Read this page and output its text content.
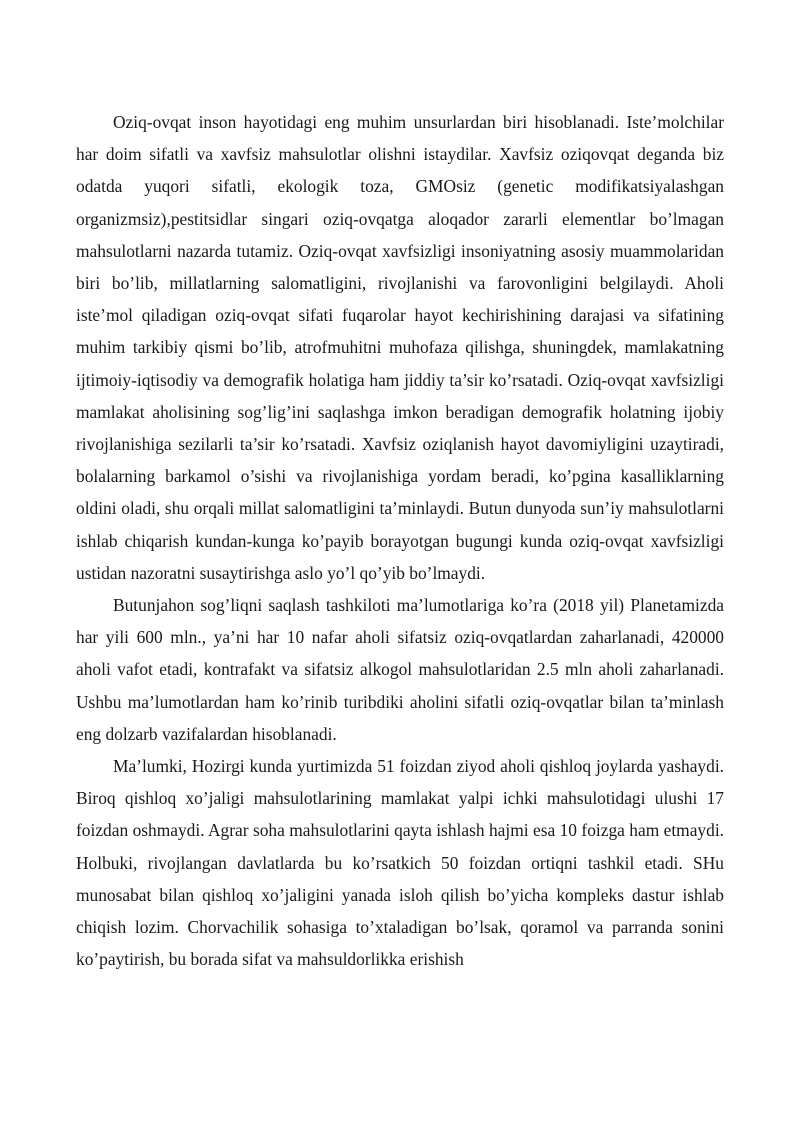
Oziq-ovqat inson hayotidagi eng muhim unsurlardan biri hisoblanadi. Iste’molchilar har doim sifatli va xavfsiz mahsulotlar olishni istaydilar. Xavfsiz oziqovqat deganda biz odatda yuqori sifatli, ekologik toza, GMOsiz (genetic modifikatsiyalashgan organizmsiz),pestitsidlar singari oziq-ovqatga aloqador zararli elementlar bo’lmagan mahsulotlarni nazarda tutamiz. Oziq-ovqat xavfsizligi insoniyatning asosiy muammolaridan biri bo’lib, millatlarning salomatligini, rivojlanishi va farovonligini belgilaydi. Aholi iste’mol qiladigan oziq-ovqat sifati fuqarolar hayot kechirishining darajasi va sifatining muhim tarkibiy qismi bo’lib, atrofmuhitni muhofaza qilishga, shuningdek, mamlakatning ijtimoiy-iqtisodiy va demografik holatiga ham jiddiy ta’sir ko’rsatadi. Oziq-ovqat xavfsizligi mamlakat aholisining sog’lig’ini saqlashga imkon beradigan demografik holatning ijobiy rivojlanishiga sezilarli ta’sir ko’rsatadi. Xavfsiz oziqlanish hayot davomiyligini uzaytiradi, bolalarning barkamol o’sishi va rivojlanishiga yordam beradi, ko’pgina kasalliklarning oldini oladi, shu orqali millat salomatligini ta’minlaydi. Butun dunyoda sun’iy mahsulotlarni ishlab chiqarish kundan-kunga ko’payib borayotgan bugungi kunda oziq-ovqat xavfsizligi ustidan nazoratni susaytirishga aslo yo’l qo’yib bo’lmaydi.

Butunjahon sog’liqni saqlash tashkiloti ma’lumotlariga ko’ra (2018 yil) Planetamizda har yili 600 mln., ya’ni har 10 nafar aholi sifatsiz oziq-ovqatlardan zaharlanadi, 420000 aholi vafot etadi, kontrafakt va sifatsiz alkogol mahsulotlaridan 2.5 mln aholi zaharlanadi. Ushbu ma’lumotlardan ham ko’rinib turibdiki aholini sifatli oziq-ovqatlar bilan ta’minlash eng dolzarb vazifalardan hisoblanadi.

Ma’lumki, Hozirgi kunda yurtimizda 51 foizdan ziyod aholi qishloq joylarda yashaydi. Biroq qishloq xo’jaligi mahsulotlarining mamlakat yalpi ichki mahsulotidagi ulushi 17 foizdan oshmaydi. Agrar soha mahsulotlarini qayta ishlash hajmi esa 10 foizga ham etmaydi. Holbuki, rivojlangan davlatlarda bu ko’rsatkich 50 foizdan ortiqni tashkil etadi. SHu munosabat bilan qishloq xo’jaligini yanada isloh qilish bo’yicha kompleks dastur ishlab chiqish lozim. Chorvachilik sohasiga to’xtaladigan bo’lsak, qoramol va parranda sonini ko’paytirish, bu borada sifat va mahsuldorlikka erishish
